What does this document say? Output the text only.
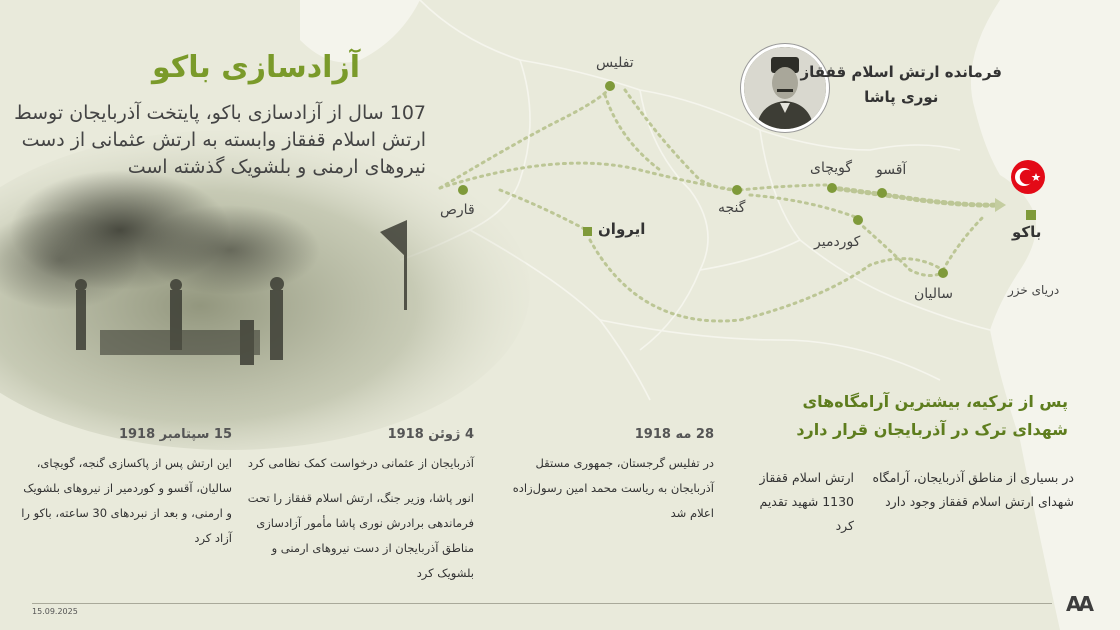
آزادسازی باکو
107 سال از آزادسازی باکو، پایتخت آذربایجان توسط ارتش اسلام قفقاز وابسته به ارتش عثمانی از دست نیروهای ارمنی و بلشویک گذشته است
فرمانده ارتش اسلام قفقاز
نوری پاشا
تفلیس
قارص
ایروان
گنجه
گویچای آقسو
کوردمیر
سالیان
باکو
دریای خزر
پس از ترکیه، بیشترین آرامگاه‌های شهدای ترک در آذربایجان قرار دارد
15 سپتامبر 1918
این ارتش پس از پاکسازی گنجه، گویچای، سالیان، آقسو و کوردمیر از نیروهای بلشویک و ارمنی، و بعد از نبردهای 30 ساعته، باکو را آزاد کرد
4 ژوئن 1918
آذربایجان از عثمانی درخواست کمک نظامی کرد
انور پاشا، وزیر جنگ، ارتش اسلام قفقاز را تحت فرماندهی برادرش نوری پاشا مأمور آزادسازی مناطق آذربایجان از دست نیروهای ارمنی و بلشویک کرد
28 مه 1918
در تفلیس گرجستان، جمهوری مستقل آذربایجان به ریاست محمد امین رسول‌زاده اعلام شد
در بسیاری از مناطق آذربایجان، آرامگاه شهدای ارتش اسلام قفقاز وجود دارد
ارتش اسلام قفقاز 1130 شهید تقدیم کرد
15.09.2025	AA
